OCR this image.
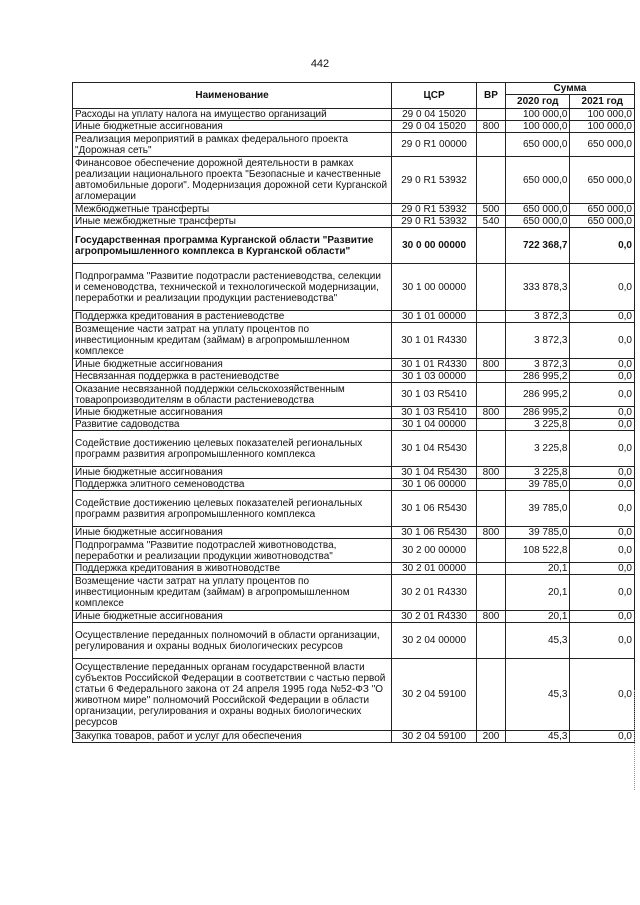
442
Наименование	ЦСР	ВР	Сумма	
			2020 год	2021 год
Расходы на уплату налога на имущество организаций	29 0 04 15020		100 000,0	100 000,0
Иные бюджетные ассигнования	29 0 04 15020	800	100 000,0	100 000,0
Реализация мероприятий в рамках федерального проекта "Дорожная сеть"	29 0 R1 00000		650 000,0	650 000,0
Финансовое обеспечение дорожной деятельности в рамках реализации национального проекта "Безопасные и качественные автомобильные дороги". Модернизация дорожной сети Курганской агломерации	29 0 R1 53932		650 000,0	650 000,0
Межбюджетные трансферты	29 0 R1 53932	500	650 000,0	650 000,0
Иные межбюджетные трансферты	29 0 R1 53932	540	650 000,0	650 000,0
Государственная программа Курганской области "Развитие агропромышленного комплекса в Курганской области"	30 0 00 00000		722 368,7	0,0
Подпрограмма "Развитие подотрасли растениеводства, селекции и семеноводства, технической и технологической модернизации, переработки и реализации продукции растениеводства"	30 1 00 00000		333 878,3	0,0
Поддержка кредитования в растениеводстве	30 1 01 00000		3 872,3	0,0
Возмещение части затрат на уплату процентов по инвестиционным кредитам (займам) в агропромышленном комплексе	30 1 01 R4330		3 872,3	0,0
Иные бюджетные ассигнования	30 1 01 R4330	800	3 872,3	0,0
Несвязанная поддержка в растениеводстве	30 1 03 00000		286 995,2	0,0
Оказание несвязанной поддержки сельскохозяйственным товаропроизводителям в области растениеводства	30 1 03 R5410		286 995,2	0,0
Иные бюджетные ассигнования	30 1 03 R5410	800	286 995,2	0,0
Развитие садоводства	30 1 04 00000		3 225,8	0,0
Содействие достижению целевых показателей региональных программ развития агропромышленного комплекса	30 1 04 R5430		3 225,8	0,0
Иные бюджетные ассигнования	30 1 04 R5430	800	3 225,8	0,0
Поддержка элитного семеноводства	30 1 06 00000		39 785,0	0,0
Содействие достижению целевых показателей региональных программ развития агропромышленного комплекса	30 1 06 R5430		39 785,0	0,0
Иные бюджетные ассигнования	30 1 06 R5430	800	39 785,0	0,0
Подпрограмма "Развитие подотраслей животноводства, переработки и реализации продукции животноводства"	30 2 00 00000		108 522,8	0,0
Поддержка кредитования в животноводстве	30 2 01 00000		20,1	0,0
Возмещение части затрат на уплату процентов по инвестиционным кредитам (займам) в агропромышленном комплексе	30 2 01 R4330		20,1	0,0
Иные бюджетные ассигнования	30 2 01 R4330	800	20,1	0,0
Осуществление переданных полномочий в области организации, регулирования и охраны водных биологических ресурсов	30 2 04 00000		45,3	0,0
Осуществление переданных органам государственной власти субъектов Российской Федерации в соответствии с частью первой статьи 6 Федерального закона от 24 апреля 1995 года №52-ФЗ "О животном мире" полномочий Российской Федерации в области организации, регулирования и охраны водных биологических ресурсов	30 2 04 59100		45,3	0,0
Закупка товаров, работ и услуг для обеспечения	30 2 04 59100	200	45,3	0,0
